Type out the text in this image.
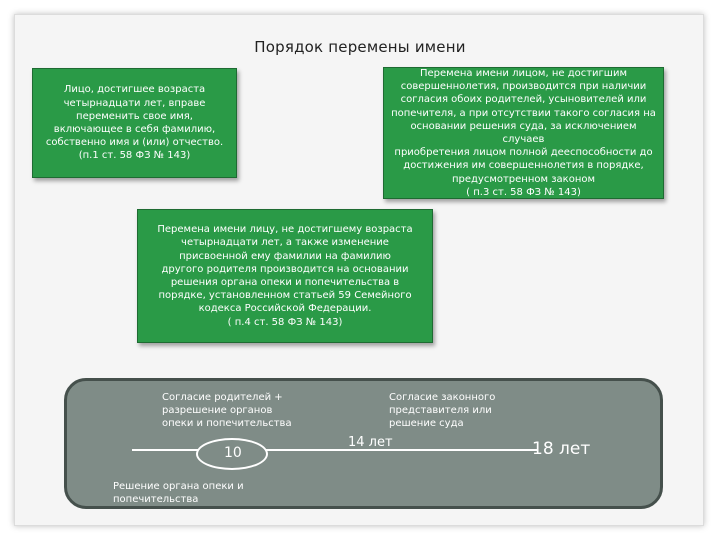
Порядок перемены имени
Лицо, достигшее возраста
четырнадцати лет, вправе
переменить свое имя,
включающее в себя фамилию,
собственно имя и (или) отчество.
(п.1 ст. 58 ФЗ № 143)
Перемена имени лицом, не достигшим
совершеннолетия, производится при наличии
согласия обоих родителей, усыновителей или
попечителя, а при отсутствии такого согласия на
основании решения суда, за исключением случаев
приобретения лицом полной дееспособности до
достижения им совершеннолетия в порядке,
предусмотренном законом
( п.3 ст. 58 ФЗ № 143)
Перемена имени лицу, не достигшему возраста
четырнадцати лет, а также изменение
присвоенной ему фамилии на фамилию
другого родителя производится на основании
решения органа опеки и попечительства в
порядке, установленном статьей 59 Семейного
кодекса Российской Федерации.
( п.4 ст. 58 ФЗ № 143)
Согласие родителей +
разрешение органов
опеки и попечительства
Согласие законного
представителя или
решение суда
Решение органа опеки и
попечительства
10
14 лет	18 лет
